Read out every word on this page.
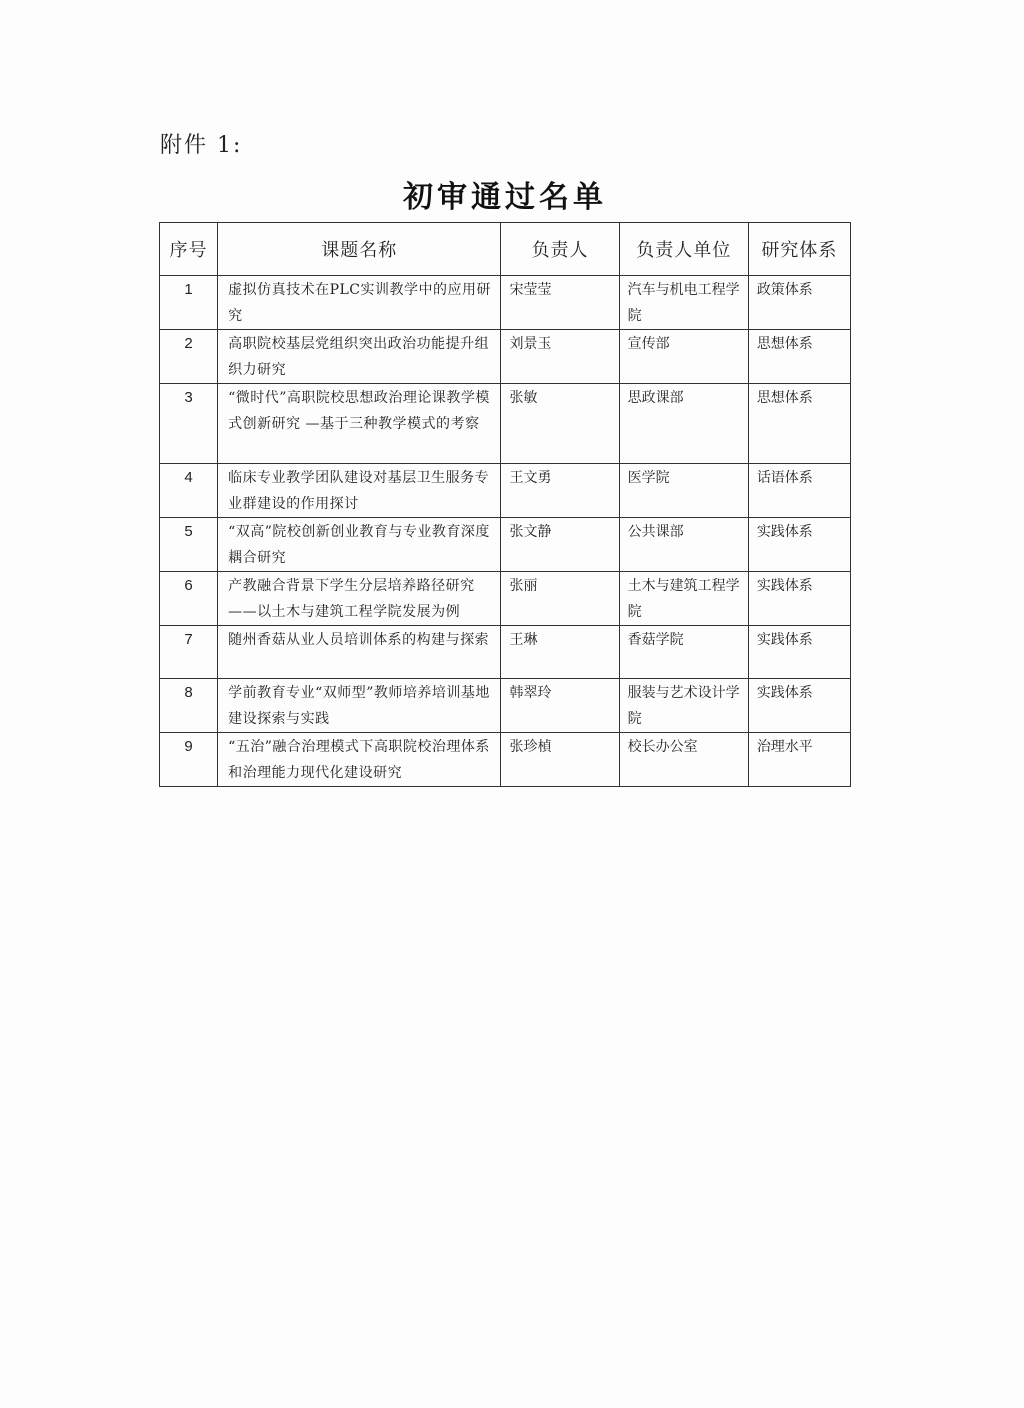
附件 1:
初审通过名单
序号	课题名称	负责人	负责人单位	研究体系
1	虚拟仿真技术在PLC实训教学中的应用研究	宋莹莹	汽车与机电工程学院	政策体系
2	高职院校基层党组织突出政治功能提升组织力研究	刘景玉	宣传部	思想体系
3	“微时代”高职院校思想政治理论课教学模式创新研究 —基于三种教学模式的考察	张敏	思政课部	思想体系
4	临床专业教学团队建设对基层卫生服务专业群建设的作用探讨	王文勇	医学院	话语体系
5	“双高”院校创新创业教育与专业教育深度耦合研究	张文静	公共课部	实践体系
6	产教融合背景下学生分层培养路径研究——以土木与建筑工程学院发展为例	张丽	土木与建筑工程学院	实践体系
7	随州香菇从业人员培训体系的构建与探索	王琳	香菇学院	实践体系
8	学前教育专业“双师型”教师培养培训基地建设探索与实践	韩翠玲	服装与艺术设计学院	实践体系
9	“五治”融合治理模式下高职院校治理体系和治理能力现代化建设研究	张珍楨	校长办公室	治理水平
